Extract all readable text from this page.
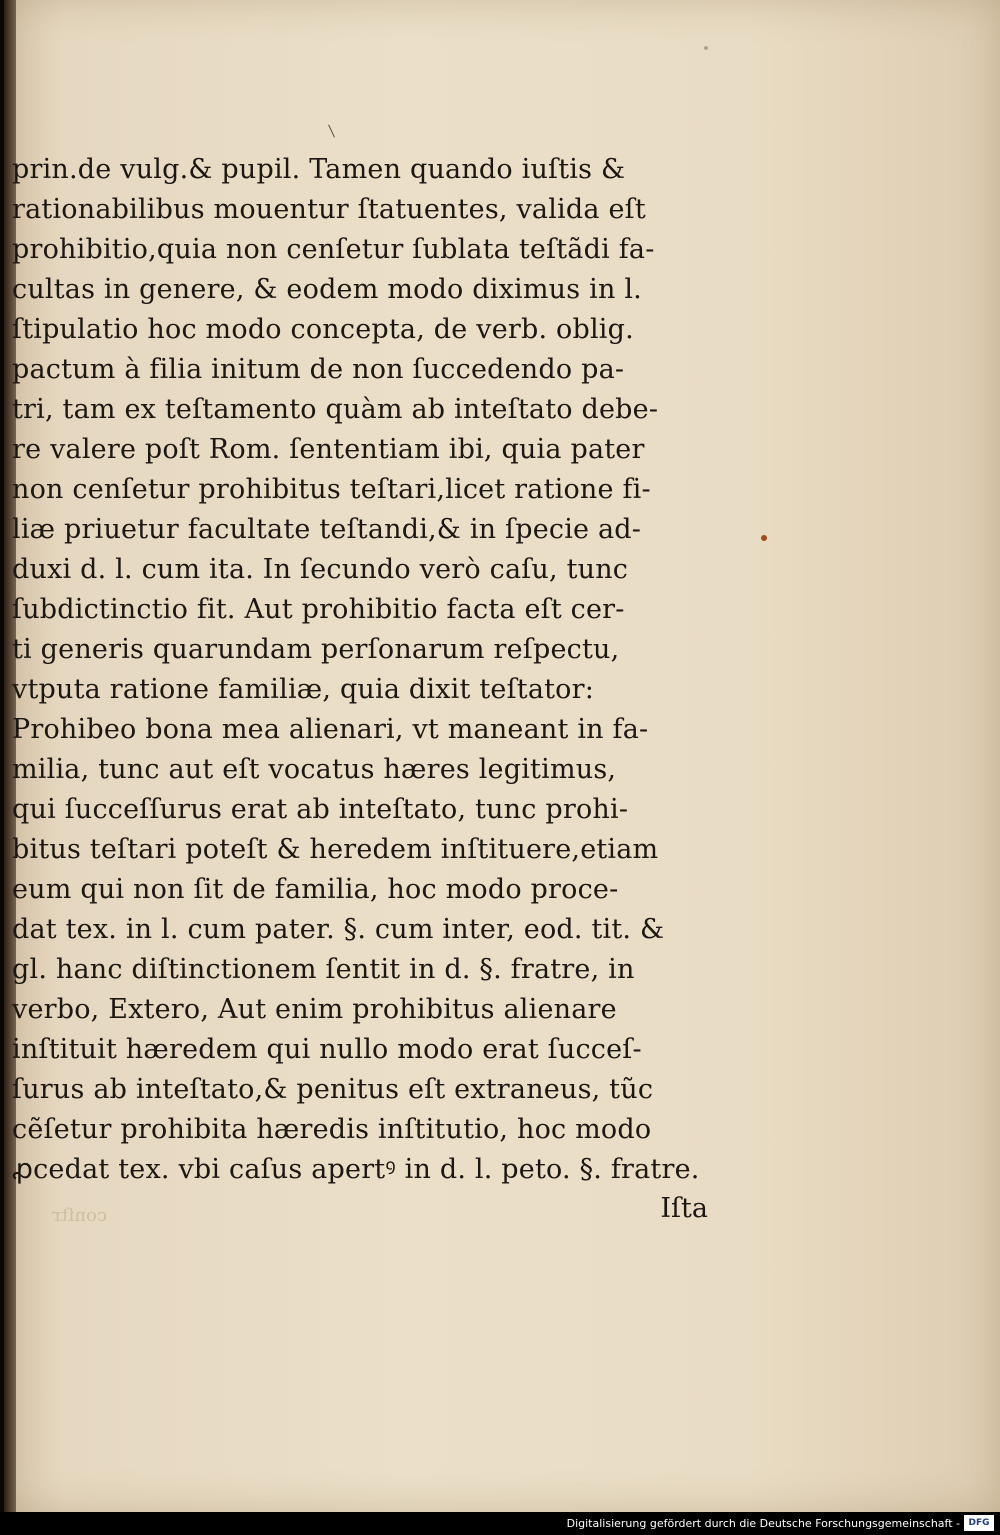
prin.de vulg.& pupil. Tamen quando iuſtis &
rationabilibus mouentur ſtatuentes, valida eſt
prohibitio,quia non cenſetur ſublata teſtãdi fa-
cultas in genere, & eodem modo diximus in l.
ſtipulatio hoc modo concepta, de verb. oblig.
pactum à filia initum de non ſuccedendo pa-
tri, tam ex teſtamento quàm ab inteſtato debe-
re valere poſt Rom. ſententiam ibi, quia pater
non cenſetur prohibitus teſtari,licet ratione fi-
liæ priuetur facultate teſtandi,& in ſpecie ad-
duxi d. l. cum ita. In ſecundo verò caſu, tunc
ſubdictinctio fit. Aut prohibitio facta eſt cer-
ti generis quarundam perſonarum reſpectu,
vtputa ratione familiæ, quia dixit teſtator:
Prohibeo bona mea alienari, vt maneant in fa-
milia, tunc aut eſt vocatus hæres legitimus,
qui ſucceſſurus erat ab inteſtato, tunc prohi-
bitus teſtari poteſt & heredem inſtituere,etiam
eum qui non ſit de familia, hoc modo proce-
dat tex. in l. cum pater. §. cum inter, eod. tit. &
gl. hanc diſtinctionem ſentit in d. §. fratre, in
verbo, Extero, Aut enim prohibitus alienare
inſtituit hæredem qui nullo modo erat ſucceſ-
ſurus ab inteſtato,& penitus eſt extraneus, tũc
cẽſetur prohibita hæredis inſtitutio, hoc modo
ꝓcedat tex. vbi caſus apertꝰ in d. l. peto. §. fratre.
Iſta
conſtr
Digitalisierung gefördert durch die Deutsche Forschungsgemeinschaft - DFG
